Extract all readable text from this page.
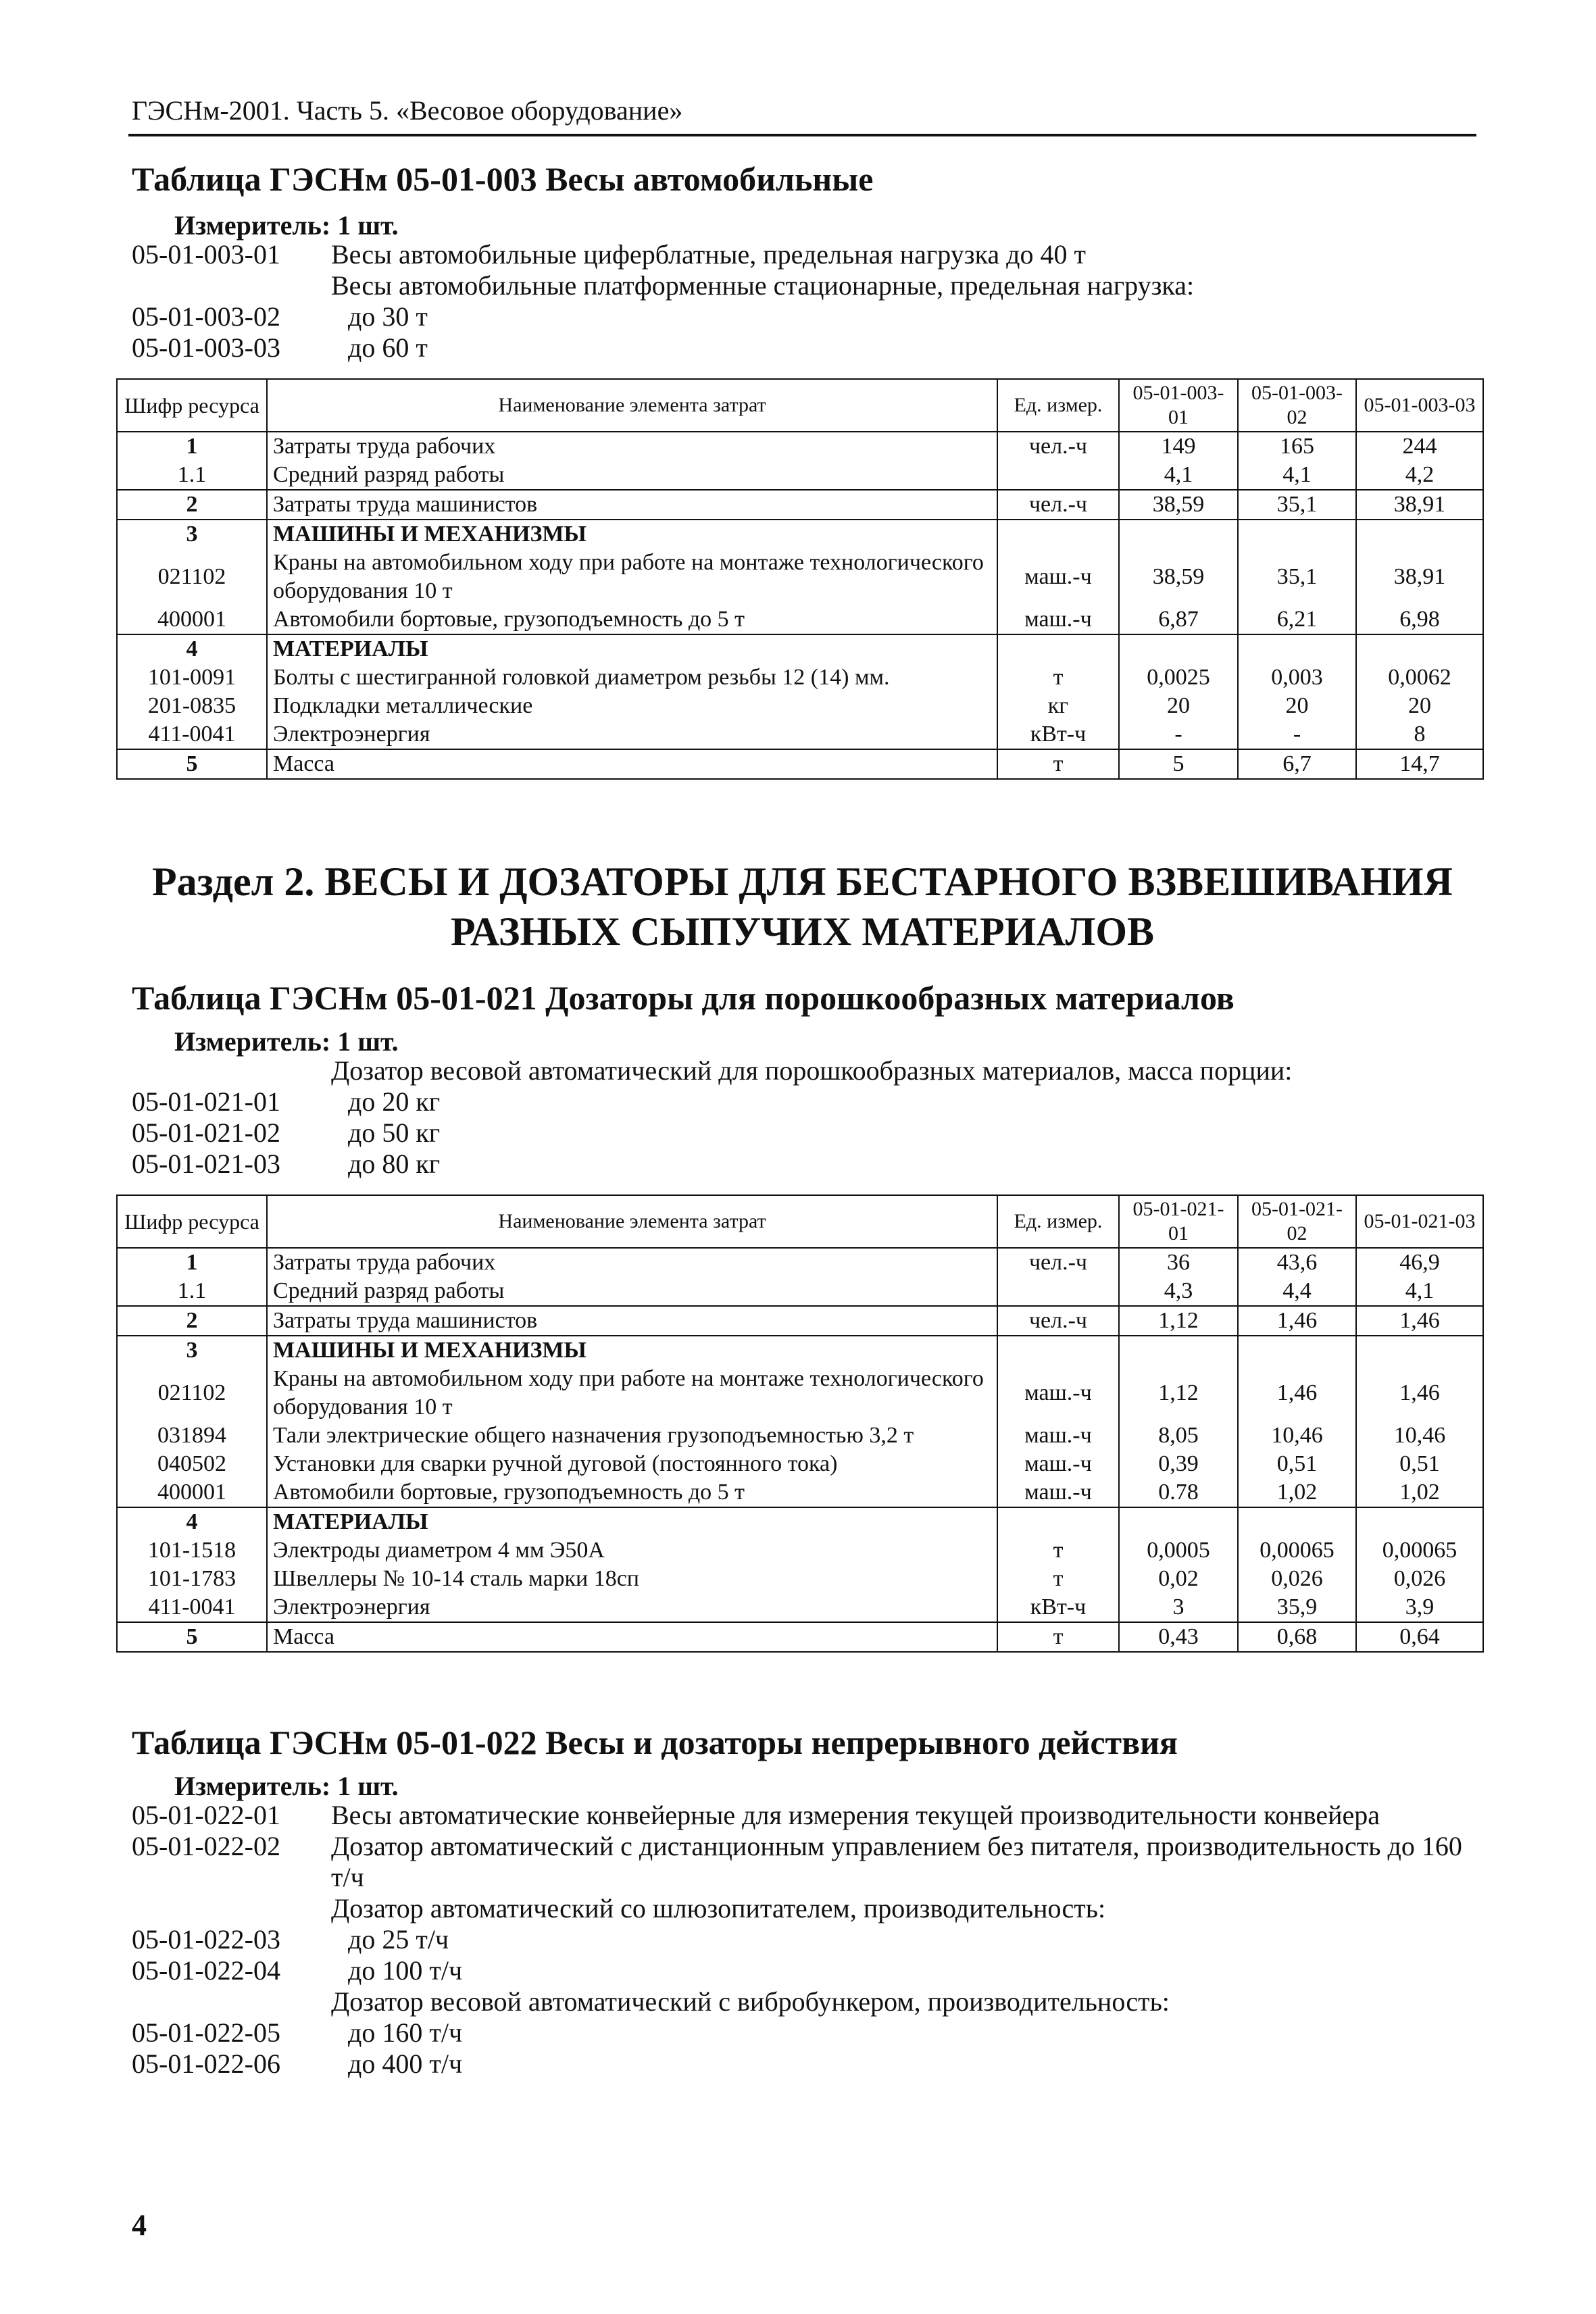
ГЭСНм-2001. Часть 5. «Весовое оборудование»
Таблица ГЭСНм 05-01-003 Весы автомобильные
Измеритель: 1 шт.
05-01-003-01 Весы автомобильные циферблатные, предельная нагрузка до 40 т
Весы автомобильные платформенные стационарные, предельная нагрузка:
05-01-003-02	до 30 т
05-01-003-03	до 60 т
Шифр ресурса	Наименование элемента затрат	Ед. измер.	05-01-003-01	05-01-003-02	05-01-003-03
1	Затраты труда рабочих	чел.-ч	149	165	244
1.1	Средний разряд работы		4,1	4,1	4,2
2	Затраты труда машинистов	чел.-ч	38,59	35,1	38,91
3	МАШИНЫ И МЕХАНИЗМЫ				
021102	Краны на автомобильном ходу при работе на монтаже технологического оборудования 10 т	маш.-ч	38,59	35,1	38,91
400001	Автомобили бортовые, грузоподъемность до 5 т	маш.-ч	6,87	6,21	6,98
4	МАТЕРИАЛЫ				
101-0091	Болты с шестигранной головкой диаметром резьбы 12 (14) мм.	т	0,0025	0,003	0,0062
201-0835	Подкладки металлические	кг	20	20	20
411-0041	Электроэнергия	кВт-ч	-	-	8
5	Масса	т	5	6,7	14,7
Раздел 2. ВЕСЫ И ДОЗАТОРЫ ДЛЯ БЕСТАРНОГО ВЗВЕШИВАНИЯ
РАЗНЫХ СЫПУЧИХ МАТЕРИАЛОВ
Таблица ГЭСНм 05-01-021 Дозаторы для порошкообразных материалов
Измеритель: 1 шт.
Дозатор весовой автоматический для порошкообразных материалов, масса порции:
05-01-021-01	до 20 кг
05-01-021-02	до 50 кг
05-01-021-03	до 80 кг
Шифр ресурса	Наименование элемента затрат	Ед. измер.	05-01-021-01	05-01-021-02	05-01-021-03
1	Затраты труда рабочих	чел.-ч	36	43,6	46,9
1.1	Средний разряд работы		4,3	4,4	4,1
2	Затраты труда машинистов	чел.-ч	1,12	1,46	1,46
3	МАШИНЫ И МЕХАНИЗМЫ				
021102	Краны на автомобильном ходу при работе на монтаже технологического оборудования 10 т	маш.-ч	1,12	1,46	1,46
031894	Тали электрические общего назначения грузоподъемностью 3,2 т	маш.-ч	8,05	10,46	10,46
040502	Установки для сварки ручной дуговой (постоянного тока)	маш.-ч	0,39	0,51	0,51
400001	Автомобили бортовые, грузоподъемность до 5 т	маш.-ч	0.78	1,02	1,02
4	МАТЕРИАЛЫ				
101-1518	Электроды диаметром 4 мм Э50А	т	0,0005	0,00065	0,00065
101-1783	Швеллеры № 10-14 сталь марки 18сп	т	0,02	0,026	0,026
411-0041	Электроэнергия	кВт-ч	3	35,9	3,9
5	Масса	т	0,43	0,68	0,64
Таблица ГЭСНм 05-01-022 Весы и дозаторы непрерывного действия
Измеритель: 1 шт.
05-01-022-01 Весы автоматические конвейерные для измерения текущей производительности конвейера
05-01-022-02 Дозатор автоматический с дистанционным управлением без питателя, производительность до 160 т/ч
Дозатор автоматический со шлюзопитателем, производительность:
05-01-022-03	до 25 т/ч
05-01-022-04	до 100 т/ч
Дозатор весовой автоматический с вибробункером, производительность:
05-01-022-05	до 160 т/ч
05-01-022-06	до 400 т/ч
4
